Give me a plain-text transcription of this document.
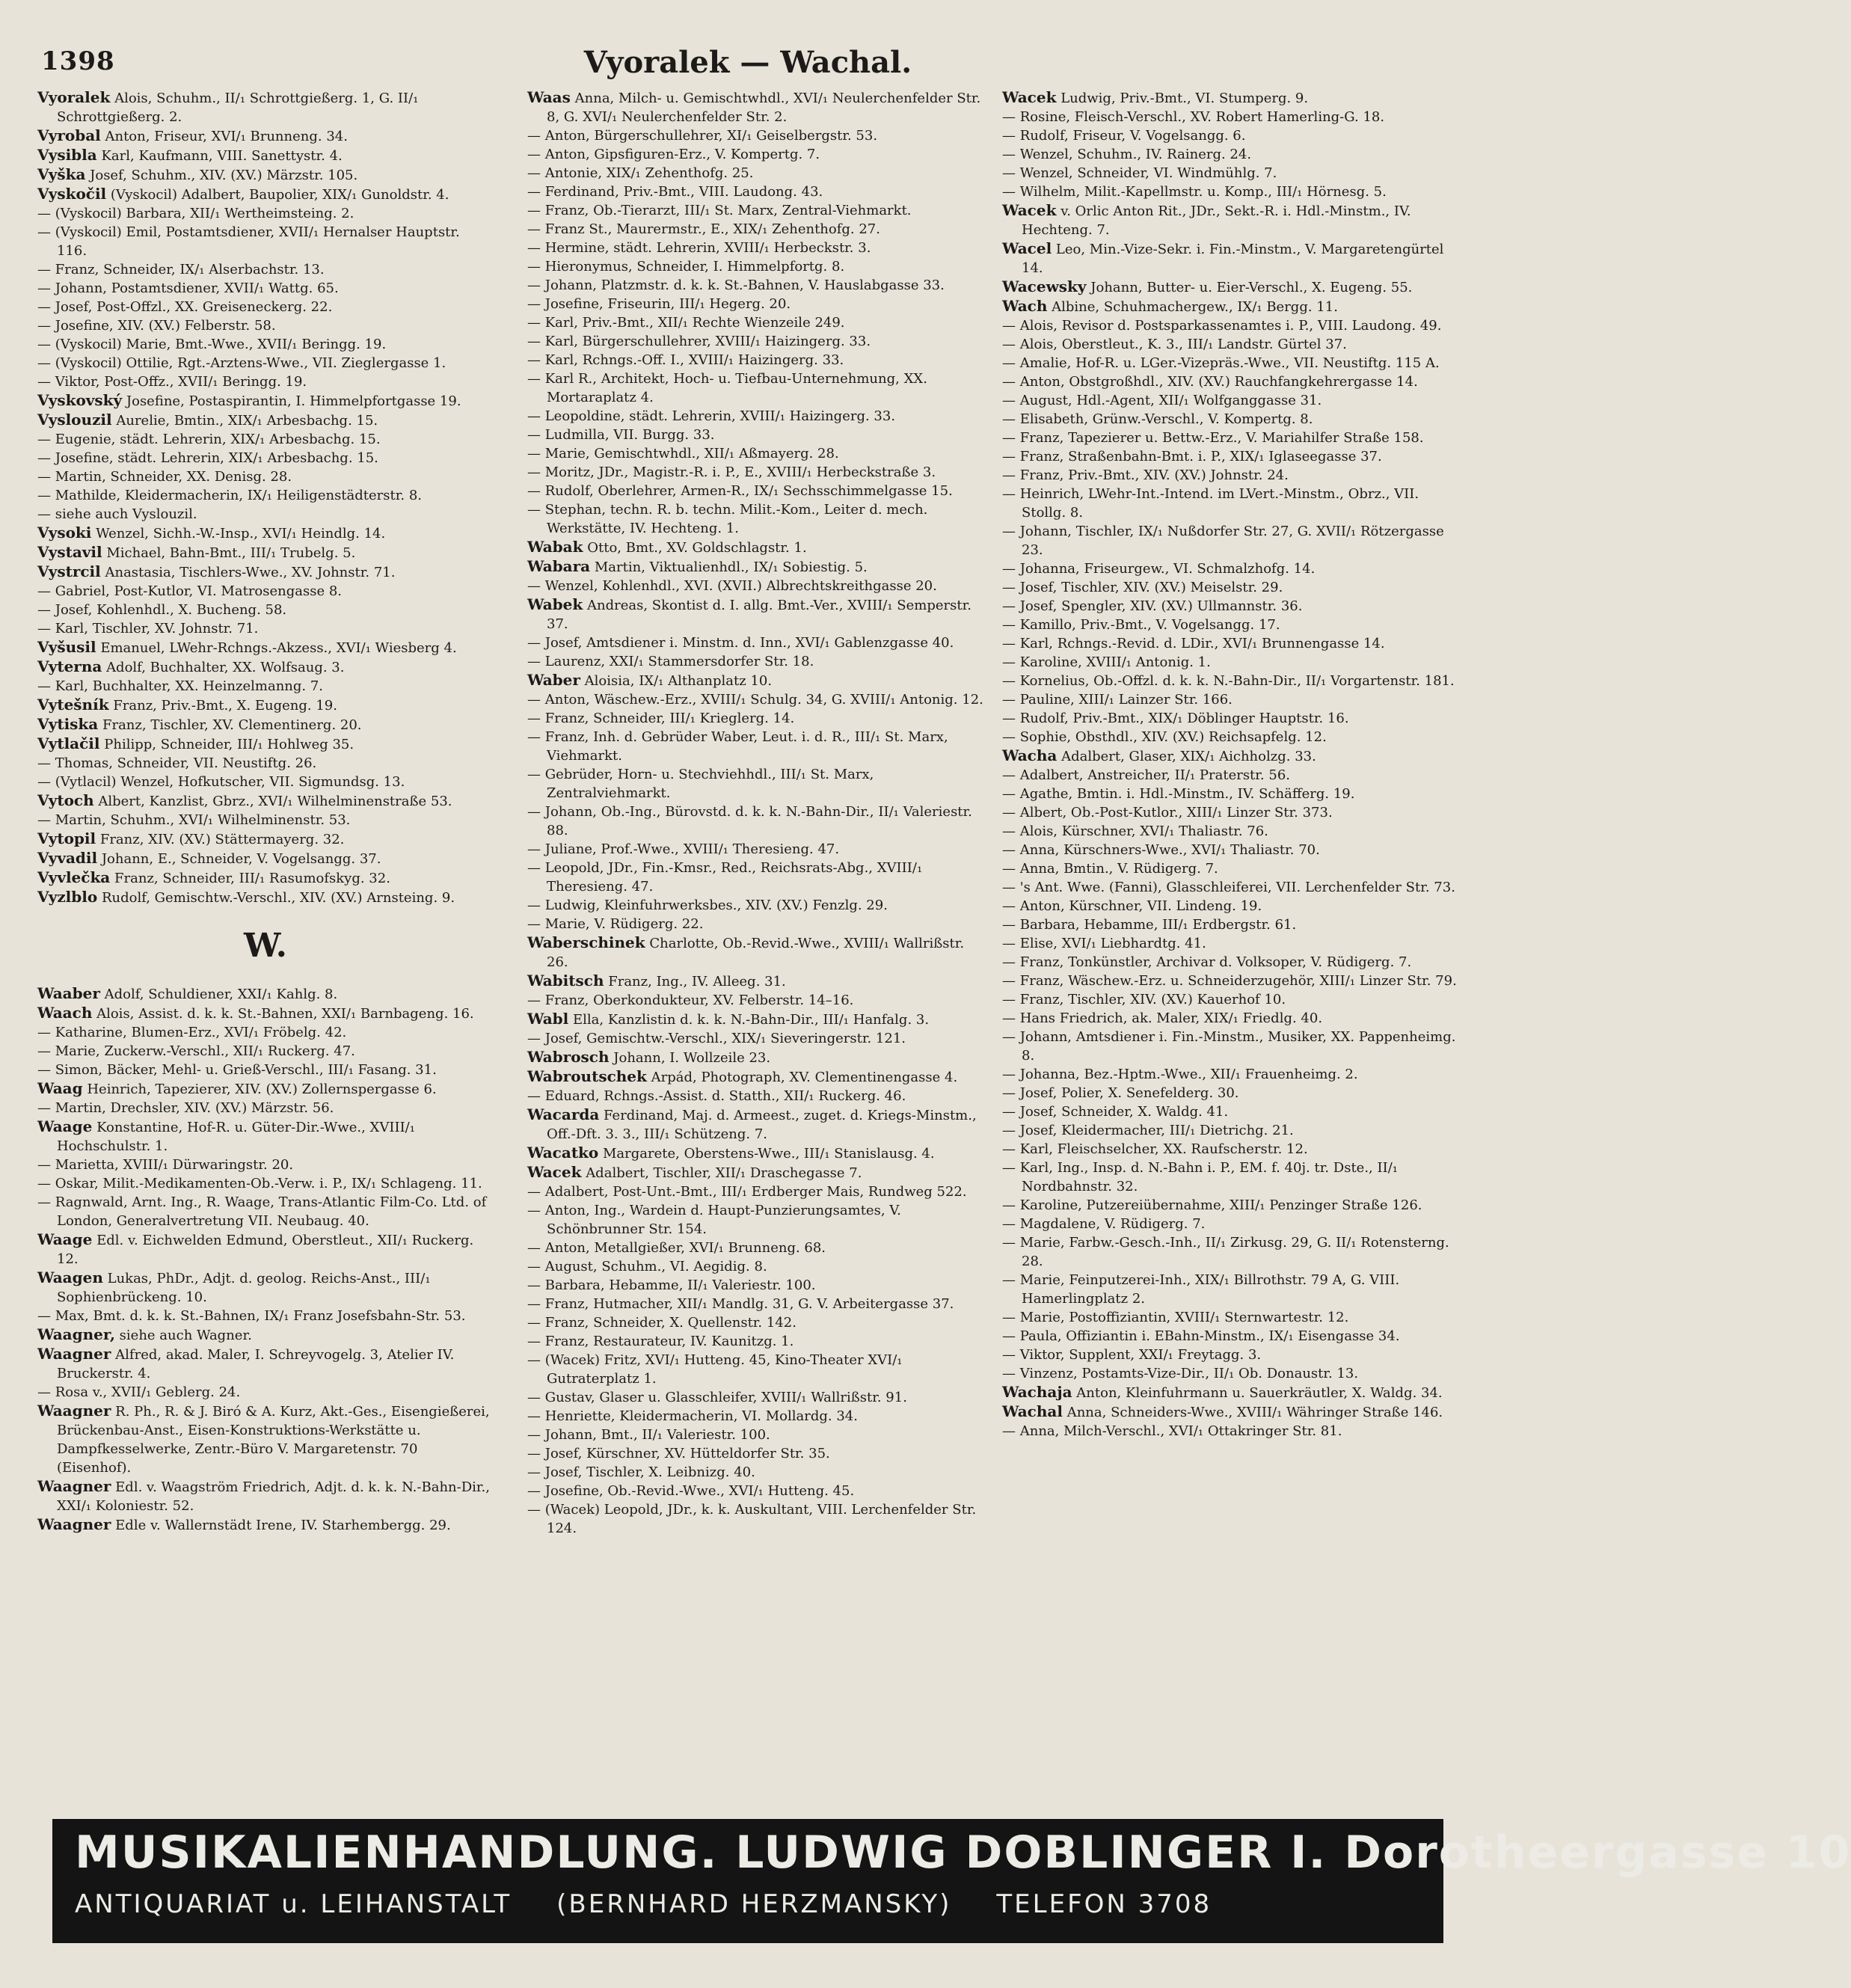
1398	Vyoralek — Wachal.
Vyoralek Alois, Schuhm., II/₁ Schrottgießerg. 1, G. II/₁ Schrottgießerg. 2.
Vyrobal Anton, Friseur, XVI/₁ Brunneng. 34.
Vysibla Karl, Kaufmann, VIII. Sanettystr. 4.
Vyška Josef, Schuhm., XIV. (XV.) Märzstr. 105.
Vyskočil (Vyskocil) Adalbert, Baupolier, XIX/₁ Gunoldstr. 4.
— (Vyskocil) Barbara, XII/₁ Wertheimsteing. 2.
— (Vyskocil) Emil, Postamtsdiener, XVII/₁ Hernalser Hauptstr. 116.
— Franz, Schneider, IX/₁ Alserbachstr. 13.
— Johann, Postamtsdiener, XVII/₁ Wattg. 65.
— Josef, Post-Offzl., XX. Greiseneckerg. 22.
— Josefine, XIV. (XV.) Felberstr. 58.
— (Vyskocil) Marie, Bmt.-Wwe., XVII/₁ Beringg. 19.
— (Vyskocil) Ottilie, Rgt.-Arztens-Wwe., VII. Zieglergasse 1.
— Viktor, Post-Offz., XVII/₁ Beringg. 19.
Vyskovský Josefine, Postaspirantin, I. Himmelpfortgasse 19.
Vyslouzil Aurelie, Bmtin., XIX/₁ Arbesbachg. 15.
— Eugenie, städt. Lehrerin, XIX/₁ Arbesbachg. 15.
— Josefine, städt. Lehrerin, XIX/₁ Arbesbachg. 15.
— Martin, Schneider, XX. Denisg. 28.
— Mathilde, Kleidermacherin, IX/₁ Heiligenstädterstr. 8.
— siehe auch Vyslouzil.
Vysoki Wenzel, Sichh.-W.-Insp., XVI/₁ Heindlg. 14.
Vystavil Michael, Bahn-Bmt., III/₁ Trubelg. 5.
Vystrcil Anastasia, Tischlers-Wwe., XV. Johnstr. 71.
— Gabriel, Post-Kutlor, VI. Matrosengasse 8.
— Josef, Kohlenhdl., X. Bucheng. 58.
— Karl, Tischler, XV. Johnstr. 71.
Vyšusil Emanuel, LWehr-Rchngs.-Akzess., XVI/₁ Wiesberg 4.
Vyterna Adolf, Buchhalter, XX. Wolfsaug. 3.
— Karl, Buchhalter, XX. Heinzelmanng. 7.
Vytešník Franz, Priv.-Bmt., X. Eugeng. 19.
Vytiska Franz, Tischler, XV. Clementinerg. 20.
Vytlačil Philipp, Schneider, III/₁ Hohlweg 35.
— Thomas, Schneider, VII. Neustiftg. 26.
— (Vytlacil) Wenzel, Hofkutscher, VII. Sigmundsg. 13.
Vytoch Albert, Kanzlist, Gbrz., XVI/₁ Wilhelminenstraße 53.
— Martin, Schuhm., XVI/₁ Wilhelminenstr. 53.
Vytopil Franz, XIV. (XV.) Stättermayerg. 32.
Vyvadil Johann, E., Schneider, V. Vogelsangg. 37.
Vyvlečka Franz, Schneider, III/₁ Rasumofskyg. 32.
Vyzlblo Rudolf, Gemischtw.-Verschl., XIV. (XV.) Arnsteing. 9.
W.
Waaber Adolf, Schuldiener, XXI/₁ Kahlg. 8.
Waach Alois, Assist. d. k. k. St.-Bahnen, XXI/₁ Barnbageng. 16.
— Katharine, Blumen-Erz., XVI/₁ Fröbelg. 42.
— Marie, Zuckerw.-Verschl., XII/₁ Ruckerg. 47.
— Simon, Bäcker, Mehl- u. Grieß-Verschl., III/₁ Fasang. 31.
Waag Heinrich, Tapezierer, XIV. (XV.) Zollernspergasse 6.
— Martin, Drechsler, XIV. (XV.) Märzstr. 56.
Waage Konstantine, Hof-R. u. Güter-Dir.-Wwe., XVIII/₁ Hochschulstr. 1.
— Marietta, XVIII/₁ Dürwaringstr. 20.
— Oskar, Milit.-Medikamenten-Ob.-Verw. i. P., IX/₁ Schlageng. 11.
— Ragnwald, Arnt. Ing., R. Waage, Trans-Atlantic Film-Co. Ltd. of London, Generalvertretung VII. Neubaug. 40.
Waage Edl. v. Eichwelden Edmund, Oberstleut., XII/₁ Ruckerg. 12.
Waagen Lukas, PhDr., Adjt. d. geolog. Reichs-Anst., III/₁ Sophienbrückeng. 10.
— Max, Bmt. d. k. k. St.-Bahnen, IX/₁ Franz Josefsbahn-Str. 53.
Waagner, siehe auch Wagner.
Waagner Alfred, akad. Maler, I. Schreyvogelg. 3, Atelier IV. Bruckerstr. 4.
— Rosa v., XVII/₁ Geblerg. 24.
Waagner R. Ph., R. & J. Biró & A. Kurz, Akt.-Ges., Eisengießerei, Brückenbau-Anst., Eisen-Konstruktions-Werkstätte u. Dampfkesselwerke, Zentr.-Büro V. Margaretenstr. 70 (Eisenhof).
Waagner Edl. v. Waagström Friedrich, Adjt. d. k. k. N.-Bahn-Dir., XXI/₁ Koloniestr. 52.
Waagner Edle v. Wallernstädt Irene, IV. Starhembergg. 29.
Waas Anna, Milch- u. Gemischtwhdl., XVI/₁ Neulerchenfelder Str. 8, G. XVI/₁ Neulerchenfelder Str. 2.
— Anton, Bürgerschullehrer, XI/₁ Geiselbergstr. 53.
— Anton, Gipsfiguren-Erz., V. Kompertg. 7.
— Antonie, XIX/₁ Zehenthofg. 25.
— Ferdinand, Priv.-Bmt., VIII. Laudong. 43.
— Franz, Ob.-Tierarzt, III/₁ St. Marx, Zentral-Viehmarkt.
— Franz St., Maurermstr., E., XIX/₁ Zehenthofg. 27.
— Hermine, städt. Lehrerin, XVIII/₁ Herbeckstr. 3.
— Hieronymus, Schneider, I. Himmelpfortg. 8.
— Johann, Platzmstr. d. k. k. St.-Bahnen, V. Hauslabgasse 33.
— Josefine, Friseurin, III/₁ Hegerg. 20.
— Karl, Priv.-Bmt., XII/₁ Rechte Wienzeile 249.
— Karl, Bürgerschullehrer, XVIII/₁ Haizingerg. 33.
— Karl, Rchngs.-Off. I., XVIII/₁ Haizingerg. 33.
— Karl R., Architekt, Hoch- u. Tiefbau-Unternehmung, XX. Mortaraplatz 4.
— Leopoldine, städt. Lehrerin, XVIII/₁ Haizingerg. 33.
— Ludmilla, VII. Burgg. 33.
— Marie, Gemischtwhdl., XII/₁ Aßmayerg. 28.
— Moritz, JDr., Magistr.-R. i. P., E., XVIII/₁ Herbeckstraße 3.
— Rudolf, Oberlehrer, Armen-R., IX/₁ Sechsschimmelgasse 15.
— Stephan, techn. R. b. techn. Milit.-Kom., Leiter d. mech. Werkstätte, IV. Hechteng. 1.
Wabak Otto, Bmt., XV. Goldschlagstr. 1.
Wabara Martin, Viktualienhdl., IX/₁ Sobiestig. 5.
— Wenzel, Kohlenhdl., XVI. (XVII.) Albrechtskreithgasse 20.
Wabek Andreas, Skontist d. I. allg. Bmt.-Ver., XVIII/₁ Semperstr. 37.
— Josef, Amtsdiener i. Minstm. d. Inn., XVI/₁ Gablenzgasse 40.
— Laurenz, XXI/₁ Stammersdorfer Str. 18.
Waber Aloisia, IX/₁ Althanplatz 10.
— Anton, Wäschew.-Erz., XVIII/₁ Schulg. 34, G. XVIII/₁ Antonig. 12.
— Franz, Schneider, III/₁ Krieglerg. 14.
— Franz, Inh. d. Gebrüder Waber, Leut. i. d. R., III/₁ St. Marx, Viehmarkt.
— Gebrüder, Horn- u. Stechviehhdl., III/₁ St. Marx, Zentralviehmarkt.
— Johann, Ob.-Ing., Bürovstd. d. k. k. N.-Bahn-Dir., II/₁ Valeriestr. 88.
— Juliane, Prof.-Wwe., XVIII/₁ Theresieng. 47.
— Leopold, JDr., Fin.-Kmsr., Red., Reichsrats-Abg., XVIII/₁ Theresieng. 47.
— Ludwig, Kleinfuhrwerksbes., XIV. (XV.) Fenzlg. 29.
— Marie, V. Rüdigerg. 22.
Waberschinek Charlotte, Ob.-Revid.-Wwe., XVIII/₁ Wallrißstr. 26.
Wabitsch Franz, Ing., IV. Alleeg. 31.
— Franz, Oberkondukteur, XV. Felberstr. 14–16.
Wabl Ella, Kanzlistin d. k. k. N.-Bahn-Dir., III/₁ Hanfalg. 3.
— Josef, Gemischtw.-Verschl., XIX/₁ Sieveringerstr. 121.
Wabrosch Johann, I. Wollzeile 23.
Wabroutschek Arpád, Photograph, XV. Clementinengasse 4.
— Eduard, Rchngs.-Assist. d. Statth., XII/₁ Ruckerg. 46.
Wacarda Ferdinand, Maj. d. Armeest., zuget. d. Kriegs-Minstm., Off.-Dft. 3. 3., III/₁ Schützeng. 7.
Wacatko Margarete, Oberstens-Wwe., III/₁ Stanislausg. 4.
Wacek Adalbert, Tischler, XII/₁ Draschegasse 7.
— Adalbert, Post-Unt.-Bmt., III/₁ Erdberger Mais, Rundweg 522.
— Anton, Ing., Wardein d. Haupt-Punzierungsamtes, V. Schönbrunner Str. 154.
— Anton, Metallgießer, XVI/₁ Brunneng. 68.
— August, Schuhm., VI. Aegidig. 8.
— Barbara, Hebamme, II/₁ Valeriestr. 100.
— Franz, Hutmacher, XII/₁ Mandlg. 31, G. V. Arbeitergasse 37.
— Franz, Schneider, X. Quellenstr. 142.
— Franz, Restaurateur, IV. Kaunitzg. 1.
— (Wacek) Fritz, XVI/₁ Hutteng. 45, Kino-Theater XVI/₁ Gutraterplatz 1.
— Gustav, Glaser u. Glasschleifer, XVIII/₁ Wallrißstr. 91.
— Henriette, Kleidermacherin, VI. Mollardg. 34.
— Johann, Bmt., II/₁ Valeriestr. 100.
— Josef, Kürschner, XV. Hütteldorfer Str. 35.
— Josef, Tischler, X. Leibnizg. 40.
— Josefine, Ob.-Revid.-Wwe., XVI/₁ Hutteng. 45.
— (Wacek) Leopold, JDr., k. k. Auskultant, VIII. Lerchenfelder Str. 124.
Wacek Ludwig, Priv.-Bmt., VI. Stumperg. 9.
— Rosine, Fleisch-Verschl., XV. Robert Hamerling-G. 18.
— Rudolf, Friseur, V. Vogelsangg. 6.
— Wenzel, Schuhm., IV. Rainerg. 24.
— Wenzel, Schneider, VI. Windmühlg. 7.
— Wilhelm, Milit.-Kapellmstr. u. Komp., III/₁ Hörnesg. 5.
Wacek v. Orlic Anton Rit., JDr., Sekt.-R. i. Hdl.-Minstm., IV. Hechteng. 7.
Wacel Leo, Min.-Vize-Sekr. i. Fin.-Minstm., V. Margaretengürtel 14.
Wacewsky Johann, Butter- u. Eier-Verschl., X. Eugeng. 55.
Wach Albine, Schuhmachergew., IX/₁ Bergg. 11.
— Alois, Revisor d. Postsparkassenamtes i. P., VIII. Laudong. 49.
— Alois, Oberstleut., K. 3., III/₁ Landstr. Gürtel 37.
— Amalie, Hof-R. u. LGer.-Vizepräs.-Wwe., VII. Neustiftg. 115 A.
— Anton, Obstgroßhdl., XIV. (XV.) Rauchfangkehrergasse 14.
— August, Hdl.-Agent, XII/₁ Wolfganggasse 31.
— Elisabeth, Grünw.-Verschl., V. Kompertg. 8.
— Franz, Tapezierer u. Bettw.-Erz., V. Mariahilfer Straße 158.
— Franz, Straßenbahn-Bmt. i. P., XIX/₁ Iglaseegasse 37.
— Franz, Priv.-Bmt., XIV. (XV.) Johnstr. 24.
— Heinrich, LWehr-Int.-Intend. im LVert.-Minstm., Obrz., VII. Stollg. 8.
— Johann, Tischler, IX/₁ Nußdorfer Str. 27, G. XVII/₁ Rötzergasse 23.
— Johanna, Friseurgew., VI. Schmalzhofg. 14.
— Josef, Tischler, XIV. (XV.) Meiselstr. 29.
— Josef, Spengler, XIV. (XV.) Ullmannstr. 36.
— Kamillo, Priv.-Bmt., V. Vogelsangg. 17.
— Karl, Rchngs.-Revid. d. LDir., XVI/₁ Brunnengasse 14.
— Karoline, XVIII/₁ Antonig. 1.
— Kornelius, Ob.-Offzl. d. k. k. N.-Bahn-Dir., II/₁ Vorgartenstr. 181.
— Pauline, XIII/₁ Lainzer Str. 166.
— Rudolf, Priv.-Bmt., XIX/₁ Döblinger Hauptstr. 16.
— Sophie, Obsthdl., XIV. (XV.) Reichsapfelg. 12.
Wacha Adalbert, Glaser, XIX/₁ Aichholzg. 33.
— Adalbert, Anstreicher, II/₁ Praterstr. 56.
— Agathe, Bmtin. i. Hdl.-Minstm., IV. Schäfferg. 19.
— Albert, Ob.-Post-Kutlor., XIII/₁ Linzer Str. 373.
— Alois, Kürschner, XVI/₁ Thaliastr. 76.
— Anna, Kürschners-Wwe., XVI/₁ Thaliastr. 70.
— Anna, Bmtin., V. Rüdigerg. 7.
— 's Ant. Wwe. (Fanni), Glasschleiferei, VII. Lerchenfelder Str. 73.
— Anton, Kürschner, VII. Lindeng. 19.
— Barbara, Hebamme, III/₁ Erdbergstr. 61.
— Elise, XVI/₁ Liebhardtg. 41.
— Franz, Tonkünstler, Archivar d. Volksoper, V. Rüdigerg. 7.
— Franz, Wäschew.-Erz. u. Schneiderzugehör, XIII/₁ Linzer Str. 79.
— Franz, Tischler, XIV. (XV.) Kauerhof 10.
— Hans Friedrich, ak. Maler, XIX/₁ Friedlg. 40.
— Johann, Amtsdiener i. Fin.-Minstm., Musiker, XX. Pappenheimg. 8.
— Johanna, Bez.-Hptm.-Wwe., XII/₁ Frauenheimg. 2.
— Josef, Polier, X. Senefelderg. 30.
— Josef, Schneider, X. Waldg. 41.
— Josef, Kleidermacher, III/₁ Dietrichg. 21.
— Karl, Fleischselcher, XX. Raufscherstr. 12.
— Karl, Ing., Insp. d. N.-Bahn i. P., EM. f. 40j. tr. Dste., II/₁ Nordbahnstr. 32.
— Karoline, Putzereiübernahme, XIII/₁ Penzinger Straße 126.
— Magdalene, V. Rüdigerg. 7.
— Marie, Farbw.-Gesch.-Inh., II/₁ Zirkusg. 29, G. II/₁ Rotensterng. 28.
— Marie, Feinputzerei-Inh., XIX/₁ Billrothstr. 79 A, G. VIII. Hamerlingplatz 2.
— Marie, Postoffiziantin, XVIII/₁ Sternwartestr. 12.
— Paula, Offiziantin i. EBahn-Minstm., IX/₁ Eisengasse 34.
— Viktor, Supplent, XXI/₁ Freytagg. 3.
— Vinzenz, Postamts-Vize-Dir., II/₁ Ob. Donaustr. 13.
Wachaja Anton, Kleinfuhrmann u. Sauerkräutler, X. Waldg. 34.
Wachal Anna, Schneiders-Wwe., XVIII/₁ Währinger Straße 146.
— Anna, Milch-Verschl., XVI/₁ Ottakringer Str. 81.
MUSIKALIENHANDLUNG. LUDWIG DOBLINGER I. Dorotheergasse 10
ANTIQUARIAT u. LEIHANSTALT (BERNHARD HERZMANSKY) TELEFON 3708
